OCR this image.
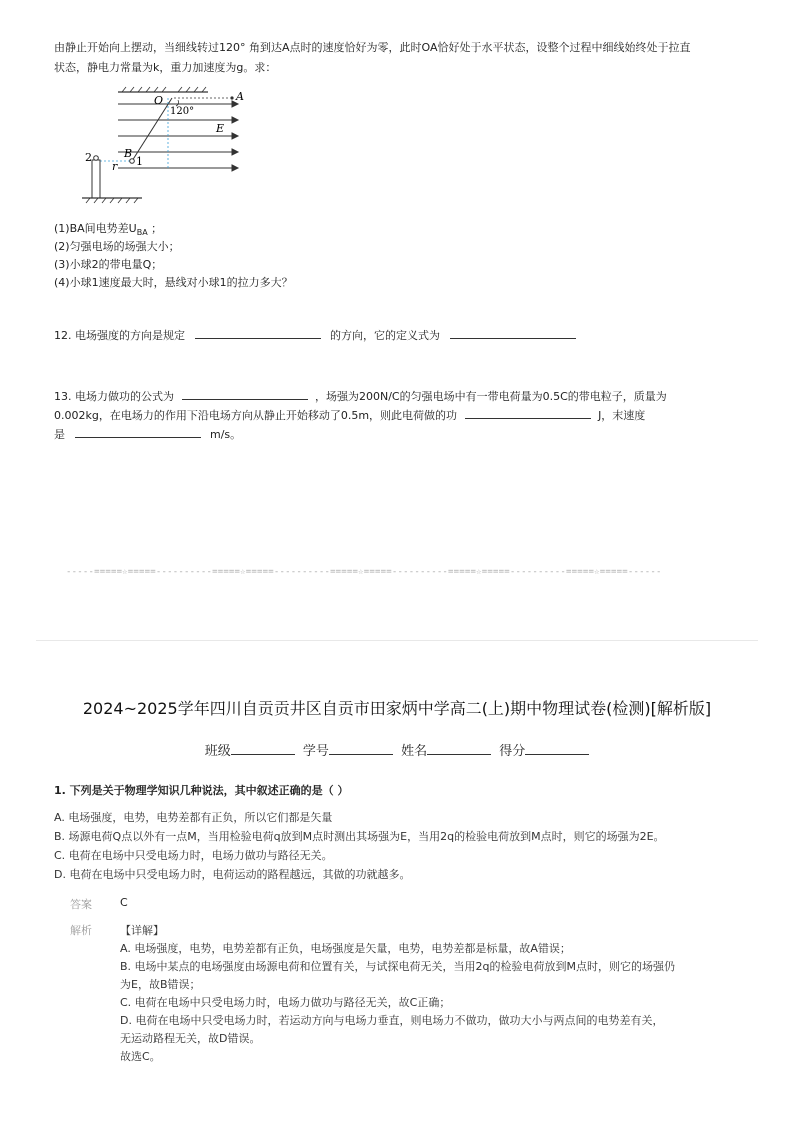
由静止开始向上摆动，当细线转过120° 角到达A点时的速度恰好为零，此时OA恰好处于水平状态，设整个过程中细线始终处于拉直
状态，静电力常量为k，重力加速度为g。求：
O	A
120°
E
B
2
r 1
(1)BA间电势差$U_{BA}$ ；
(2)匀强电场的场强大小；
(3)小球2的带电量Q；
(4)小球1速度最大时，悬线对小球1的拉力多大？
12. 电场强度的方向是规定	的方向，它的定义式为
13. 电场力做功的公式为	，场强为200N/C的匀强电场中有一带电荷量为0.5C的带电粒子，质量为
0.002kg，在电场力的作用下沿电场方向从静止开始移动了0.5m，则此电荷做的功	J，末速度
是	m/s。
-----=====☆=====----------=====☆=====----------=====☆=====----------=====☆=====----------=====☆=====------
2024~2025学年四川自贡贡井区自贡市田家炳中学高二(上)期中物理试卷(检测)[解析版]
班级	学号	姓名	得分
1. 下列是关于物理学知识几种说法，其中叙述正确的是（ ）
A. 电场强度，电势，电势差都有正负，所以它们都是矢量
B. 场源电荷Q点以外有一点M，当用检验电荷q放到M点时测出其场强为E，当用2q的检验电荷放到M点时，则它的场强为2E。
C. 电荷在电场中只受电场力时，电场力做功与路径无关。
D. 电荷在电场中只受电场力时，电荷运动的路程越远，其做的功就越多。
答案	C
解析	【详解】
A. 电场强度，电势，电势差都有正负，电场强度是矢量，电势，电势差都是标量，故A错误；
B. 电场中某点的电场强度由场源电荷和位置有关，与试探电荷无关，当用2q的检验电荷放到M点时，则它的场强仍
为E，故B错误；
C. 电荷在电场中只受电场力时，电场力做功与路径无关，故C正确；
D. 电荷在电场中只受电场力时，若运动方向与电场力垂直，则电场力不做功，做功大小与两点间的电势差有关，
无运动路程无关，故D错误。
故选C。
